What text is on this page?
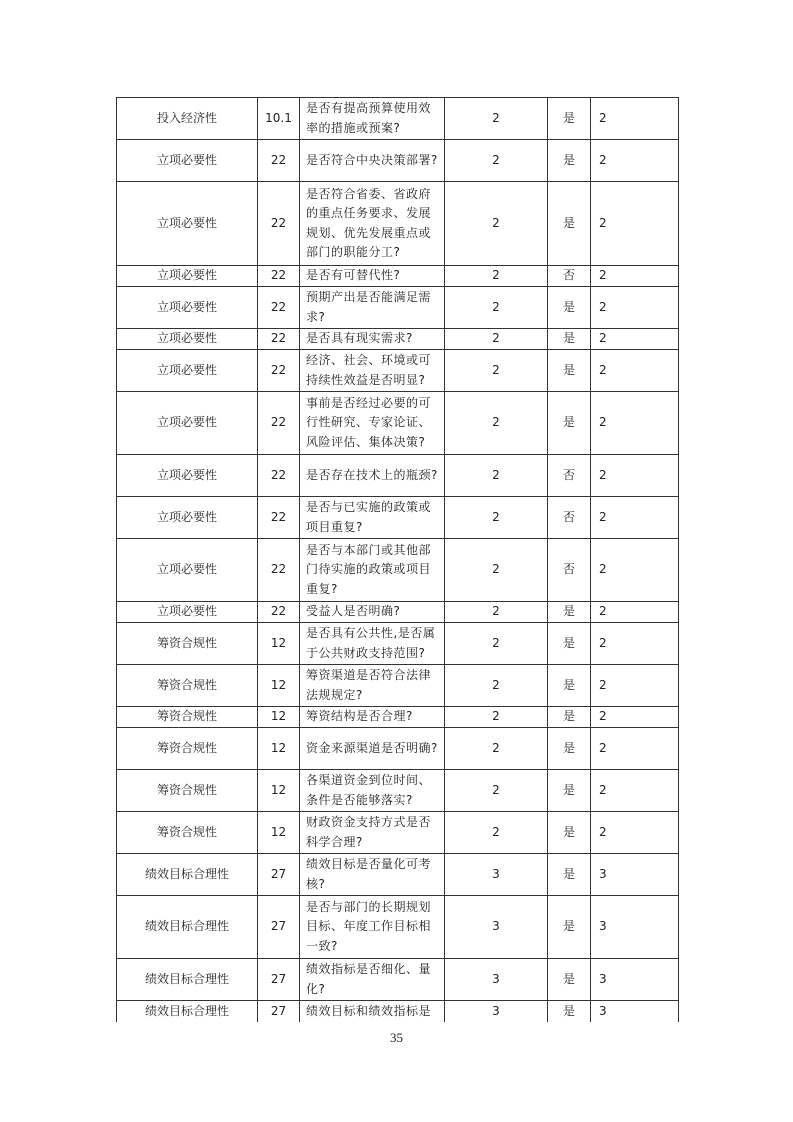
投入经济性	10.1	是否有提高预算使用效率的措施或预案?	2	是	2
立项必要性	22	是否符合中央决策部署?	2	是	2
立项必要性	22	是否符合省委、省政府的重点任务要求、发展规划、优先发展重点或部门的职能分工?	2	是	2
立项必要性	22	是否有可替代性?	2	否	2
立项必要性	22	预期产出是否能满足需求?	2	是	2
立项必要性	22	是否具有现实需求?	2	是	2
立项必要性	22	经济、社会、环境或可持续性效益是否明显?	2	是	2
立项必要性	22	事前是否经过必要的可行性研究、专家论证、风险评估、集体决策?	2	是	2
立项必要性	22	是否存在技术上的瓶颈?	2	否	2
立项必要性	22	是否与已实施的政策或项目重复?	2	否	2
立项必要性	22	是否与本部门或其他部门待实施的政策或项目重复?	2	否	2
立项必要性	22	受益人是否明确?	2	是	2
筹资合规性	12	是否具有公共性,是否属于公共财政支持范围?	2	是	2
筹资合规性	12	筹资渠道是否符合法律法规规定?	2	是	2
筹资合规性	12	筹资结构是否合理?	2	是	2
筹资合规性	12	资金来源渠道是否明确?	2	是	2
筹资合规性	12	各渠道资金到位时间、条件是否能够落实?	2	是	2
筹资合规性	12	财政资金支持方式是否科学合理?	2	是	2
绩效目标合理性	27	绩效目标是否量化可考核?	3	是	3
绩效目标合理性	27	是否与部门的长期规划目标、年度工作目标相一致?	3	是	3
绩效目标合理性	27	绩效指标是否细化、量化?	3	是	3
绩效目标合理性	27	绩效目标和绩效指标是	3	是	3
35
